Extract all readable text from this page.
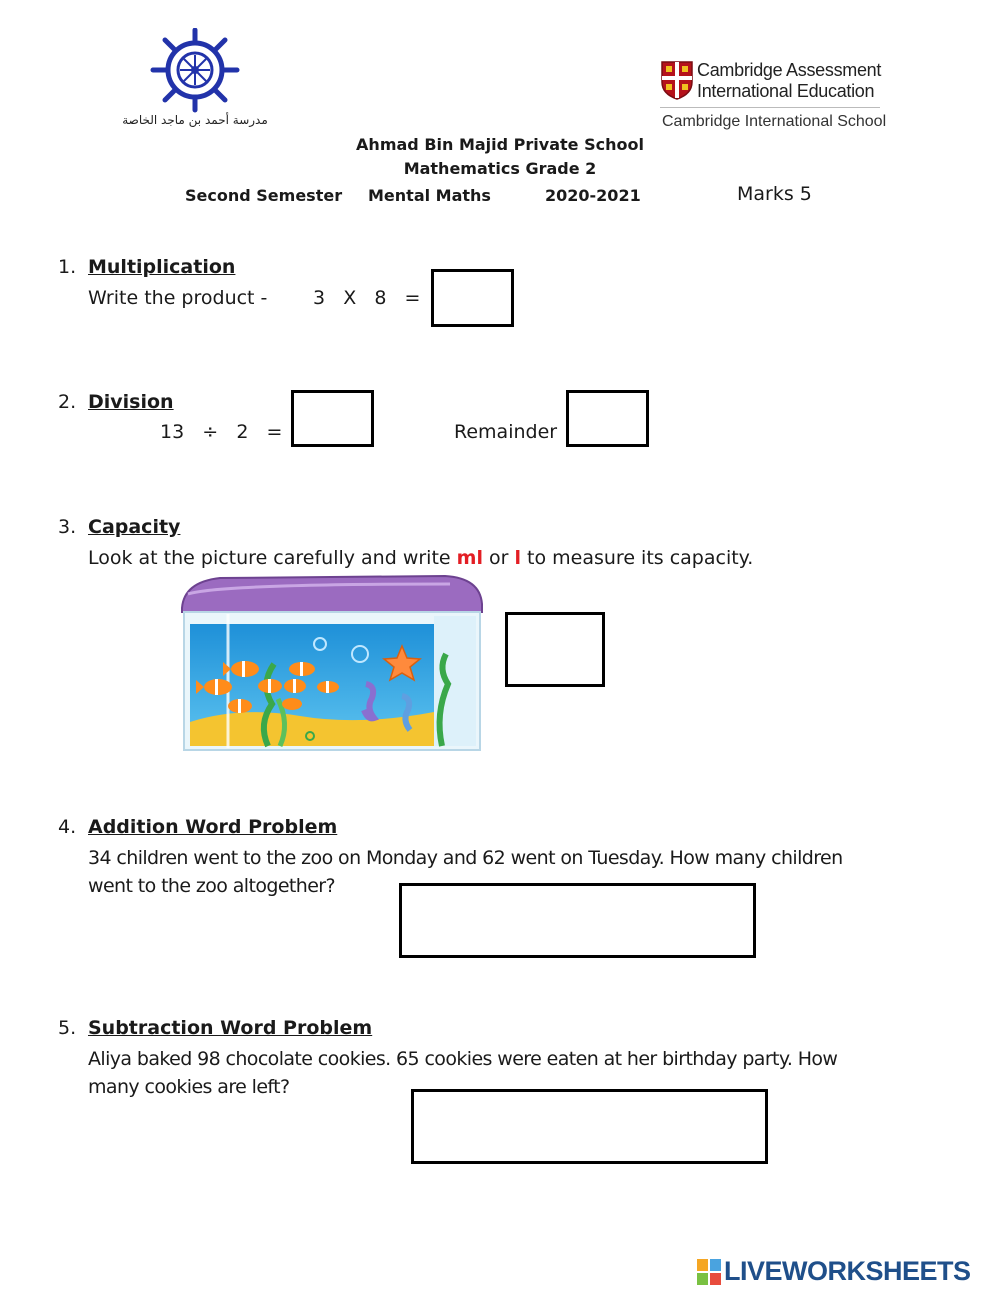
مدرسة أحمد بن ماجد الخاصة
Cambridge Assessment
International Education
Cambridge International School
Ahmad Bin Majid Private School
Mathematics Grade 2
Second Semester Mental Maths	2020-2021	Marks 5
1. Multiplication
Write the product - 3   X   8   =
2. Division
13   ÷   2   =	Remainder
3. Capacity
Look at the picture carefully and write ml or l to measure its capacity.
4. Addition Word Problem
34 children went to the zoo on Monday and 62 went on Tuesday. How many children
went to the zoo altogether?
5. Subtraction Word Problem
Aliya baked 98 chocolate cookies. 65 cookies were eaten at her birthday party. How
many cookies are left?
LIVEWORKSHEETS
